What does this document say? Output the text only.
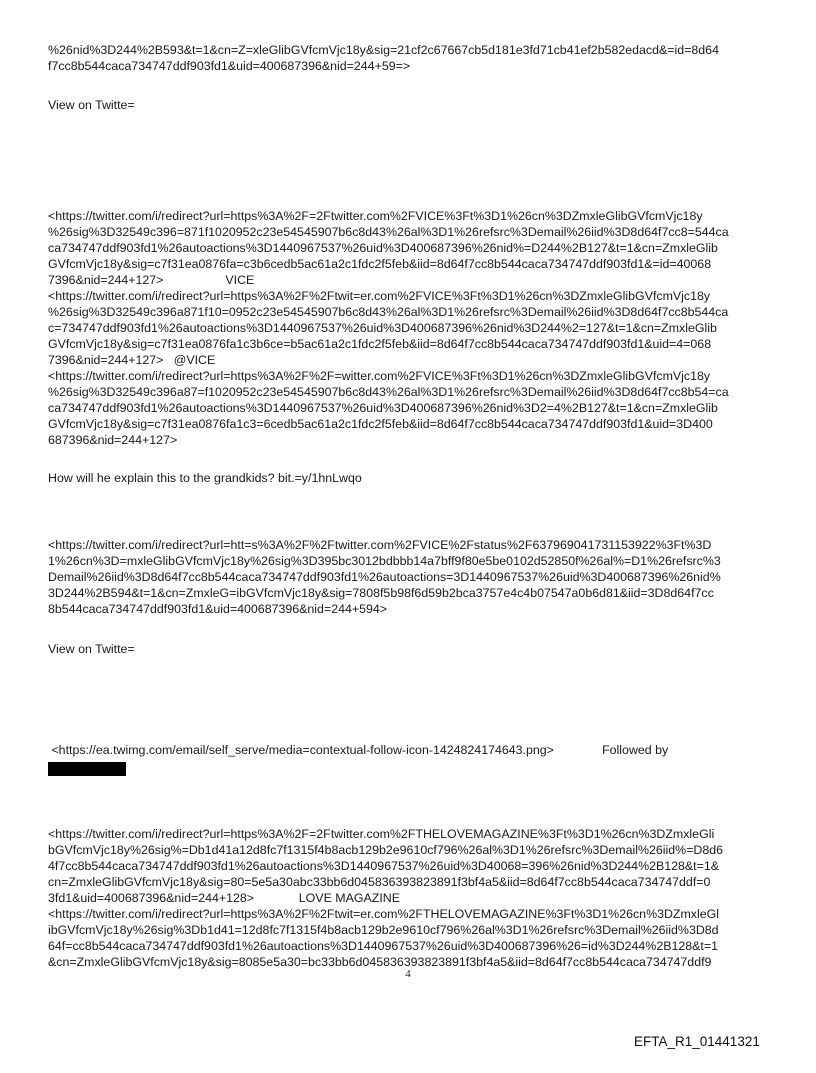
%26nid%3D244%2B593&t=1&cn=Z=xleGlibGVfcmVjc18y&sig=21cf2c67667cb5d181e3fd71cb41ef2b582edacd&=id=8d64

f7cc8b544caca734747ddf903fd1&uid=400687396&nid=244+59=>

View on Twitte=

<https://twitter.com/i/redirect?url=https%3A%2F=2Ftwitter.com%2FVICE%3Ft%3D1%26cn%3DZmxleGlibGVfcmVjc18y

%26sig%3D32549c396=871f1020952c23e54545907b6c8d43%26al%3D1%26refsrc%3Demail%26iid%3D8d64f7cc8=544ca

ca734747ddf903fd1%26autoactions%3D1440967537%26uid%3D400687396%26nid%=D244%2B127&t=1&cn=ZmxleGlib

GVfcmVjc18y&sig=c7f31ea0876fa=c3b6cedb5ac61a2c1fdc2f5feb&iid=8d64f7cc8b544caca734747ddf903fd1&=id=40068

7396&nid=244+127>                  VICE

<https://twitter.com/i/redirect?url=https%3A%2F%2Ftwit=er.com%2FVICE%3Ft%3D1%26cn%3DZmxleGlibGVfcmVjc18y

%26sig%3D32549c396a871f10=0952c23e54545907b6c8d43%26al%3D1%26refsrc%3Demail%26iid%3D8d64f7cc8b544ca

c=734747ddf903fd1%26autoactions%3D1440967537%26uid%3D400687396%26nid%3D244%2=127&t=1&cn=ZmxleGlib

GVfcmVjc18y&sig=c7f31ea0876fa1c3b6ce=b5ac61a2c1fdc2f5feb&iid=8d64f7cc8b544caca734747ddf903fd1&uid=4=068

7396&nid=244+127>   @VICE

<https://twitter.com/i/redirect?url=https%3A%2F%2F=witter.com%2FVICE%3Ft%3D1%26cn%3DZmxleGlibGVfcmVjc18y

%26sig%3D32549c396a87=f1020952c23e54545907b6c8d43%26al%3D1%26refsrc%3Demail%26iid%3D8d64f7cc8b54=ca

ca734747ddf903fd1%26autoactions%3D1440967537%26uid%3D400687396%26nid%3D2=4%2B127&t=1&cn=ZmxleGlib

GVfcmVjc18y&sig=c7f31ea0876fa1c3=6cedb5ac61a2c1fdc2f5feb&iid=8d64f7cc8b544caca734747ddf903fd1&uid=3D400

687396&nid=244+127>

How will he explain this to the grandkids? bit.=y/1hnLwqo

<https://twitter.com/i/redirect?url=htt=s%3A%2F%2Ftwitter.com%2FVICE%2Fstatus%2F637969041731153922%3Ft%3D

1%26cn%3D=mxleGlibGVfcmVjc18y%26sig%3D395bc3012bdbbb14a7bff9f80e5be0102d52850f%26al%=D1%26refsrc%3

Demail%26iid%3D8d64f7cc8b544caca734747ddf903fd1%26autoactions=3D1440967537%26uid%3D400687396%26nid%

3D244%2B594&t=1&cn=ZmxleG=ibGVfcmVjc18y&sig=7808f5b98f6d59b2bca3757e4c4b07547a0b6d81&iid=3D8d64f7cc

8b544caca734747ddf903fd1&uid=400687396&nid=244+594>

View on Twitte=

<https://ea.twimg.com/email/self_serve/media=contextual-follow-icon-1424824174643.png>              Followed by

<https://twitter.com/i/redirect?url=https%3A%2F=2Ftwitter.com%2FTHELOVEMAGAZINE%3Ft%3D1%26cn%3DZmxleGli

bGVfcmVjc18y%26sig%=Db1d41a12d8fc7f1315f4b8acb129b2e9610cf796%26al%3D1%26refsrc%3Demail%26iid%=D8d6

4f7cc8b544caca734747ddf903fd1%26autoactions%3D1440967537%26uid%3D40068=396%26nid%3D244%2B128&t=1&

cn=ZmxleGlibGVfcmVjc18y&sig=80=5e5a30abc33bb6d045836393823891f3bf4a5&iid=8d64f7cc8b544caca734747ddf=0

3fd1&uid=400687396&nid=244+128>             LOVE MAGAZINE

<https://twitter.com/i/redirect?url=https%3A%2F%2Ftwit=er.com%2FTHELOVEMAGAZINE%3Ft%3D1%26cn%3DZmxleGl

ibGVfcmVjc18y%26sig%3Db1d41=12d8fc7f1315f4b8acb129b2e9610cf796%26al%3D1%26refsrc%3Demail%26iid%3D8d

64f=cc8b544caca734747ddf903fd1%26autoactions%3D1440967537%26uid%3D400687396%26=id%3D244%2B128&t=1

&cn=ZmxleGlibGVfcmVjc18y&sig=8085e5a30=bc33bb6d045836393823891f3bf4a5&iid=8d64f7cc8b544caca734747ddf9

4
EFTA_R1_01441321
